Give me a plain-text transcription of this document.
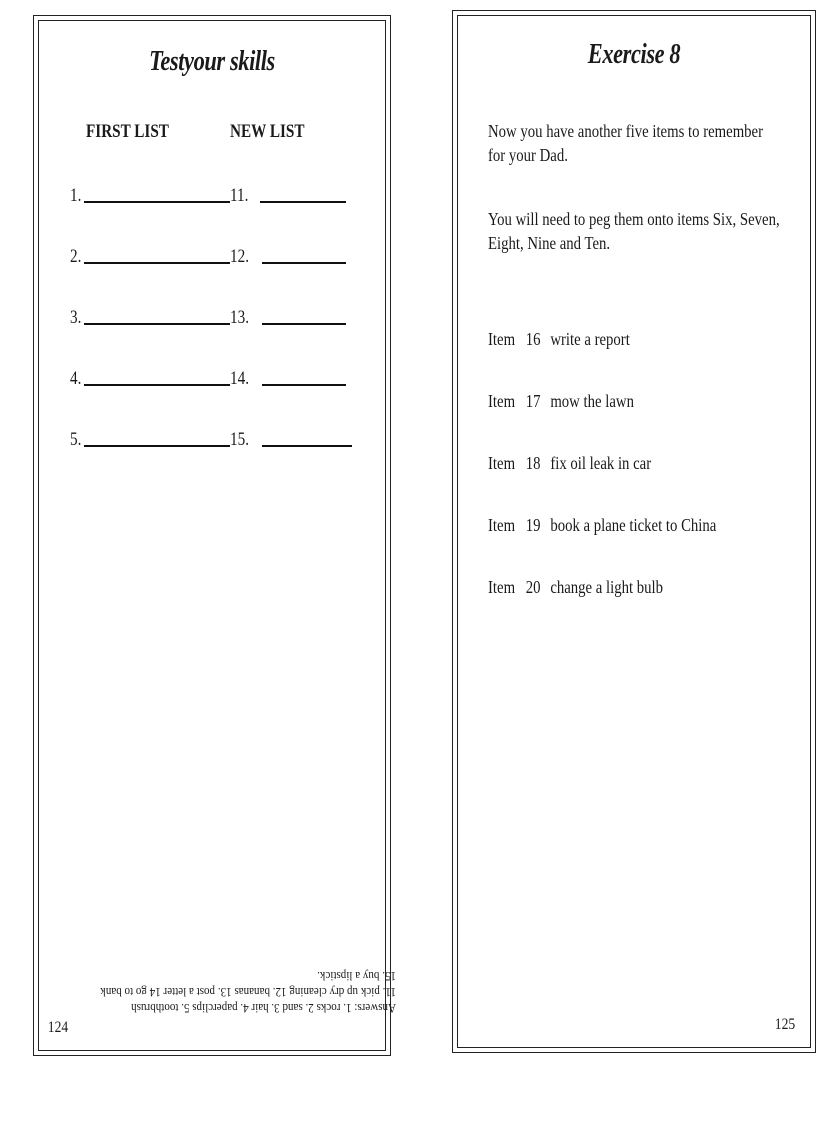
Testyour skills
FIRST LIST	NEW LIST
1.	11.
2.	12.
3.	13.
4.	14.
5.	15.
Answers: 1. rocks 2. sand 3. hair 4. paperclips 5. toothbrush
11. pick up dry cleaning 12. bananas 13. post a letter 14 go to bank
15. buy a lipstick.
124
Exercise 8
Now you have another five items to remember for your Dad.
You will need to peg them onto items Six, Seven, Eight, Nine and Ten.
Item 16 write a report
Item 17 mow the lawn
Item 18 fix oil leak in car
Item 19 book a plane ticket to China
Item 20 change a light bulb
125
